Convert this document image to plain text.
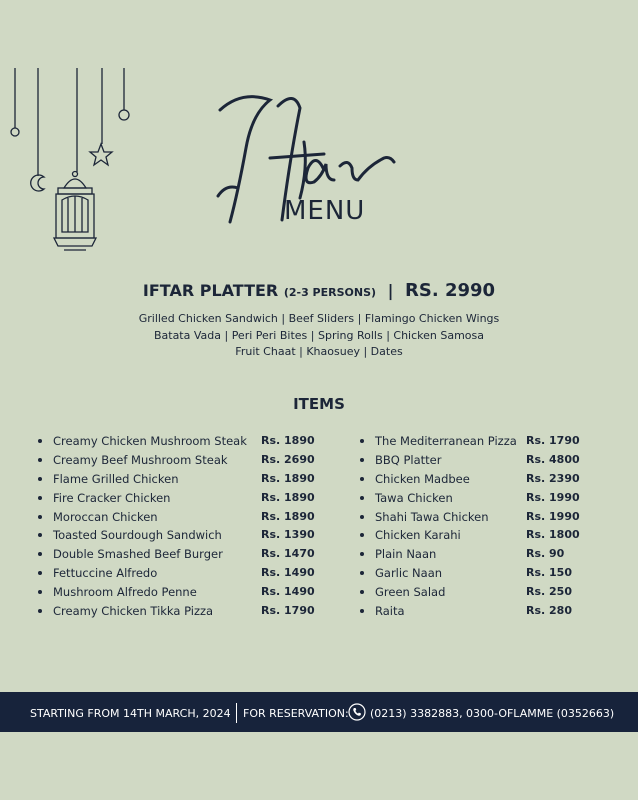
Iftar
MENU
IFTAR PLATTER (2-3 PERSONS) | RS. 2990
Grilled Chicken Sandwich | Beef Sliders | Flamingo Chicken Wings
Batata Vada | Peri Peri Bites | Spring Rolls | Chicken Samosa
Fruit Chaat | Khaosuey | Dates
ITEMS
Creamy Chicken Mushroom Steak Rs. 1890
Creamy Beef Mushroom Steak	Rs. 2690
Flame Grilled Chicken	Rs. 1890
Fire Cracker Chicken	Rs. 1890
Moroccan Chicken	Rs. 1890
Toasted Sourdough Sandwich	Rs. 1390
Double Smashed Beef Burger	Rs. 1470
Fettuccine Alfredo	Rs. 1490
Mushroom Alfredo Penne	Rs. 1490
Creamy Chicken Tikka Pizza	Rs. 1790
The Mediterranean Pizza Rs. 1790
BBQ Platter	Rs. 4800
Chicken Madbee	Rs. 2390
Tawa Chicken	Rs. 1990
Shahi Tawa Chicken	Rs. 1990
Chicken Karahi	Rs. 1800
Plain Naan	Rs. 90
Garlic Naan	Rs. 150
Green Salad	Rs. 250
Raita	Rs. 280
STARTING FROM 14TH MARCH, 2024 FOR RESERVATION: (0213) 3382883, 0300-OFLAMME (0352663)
